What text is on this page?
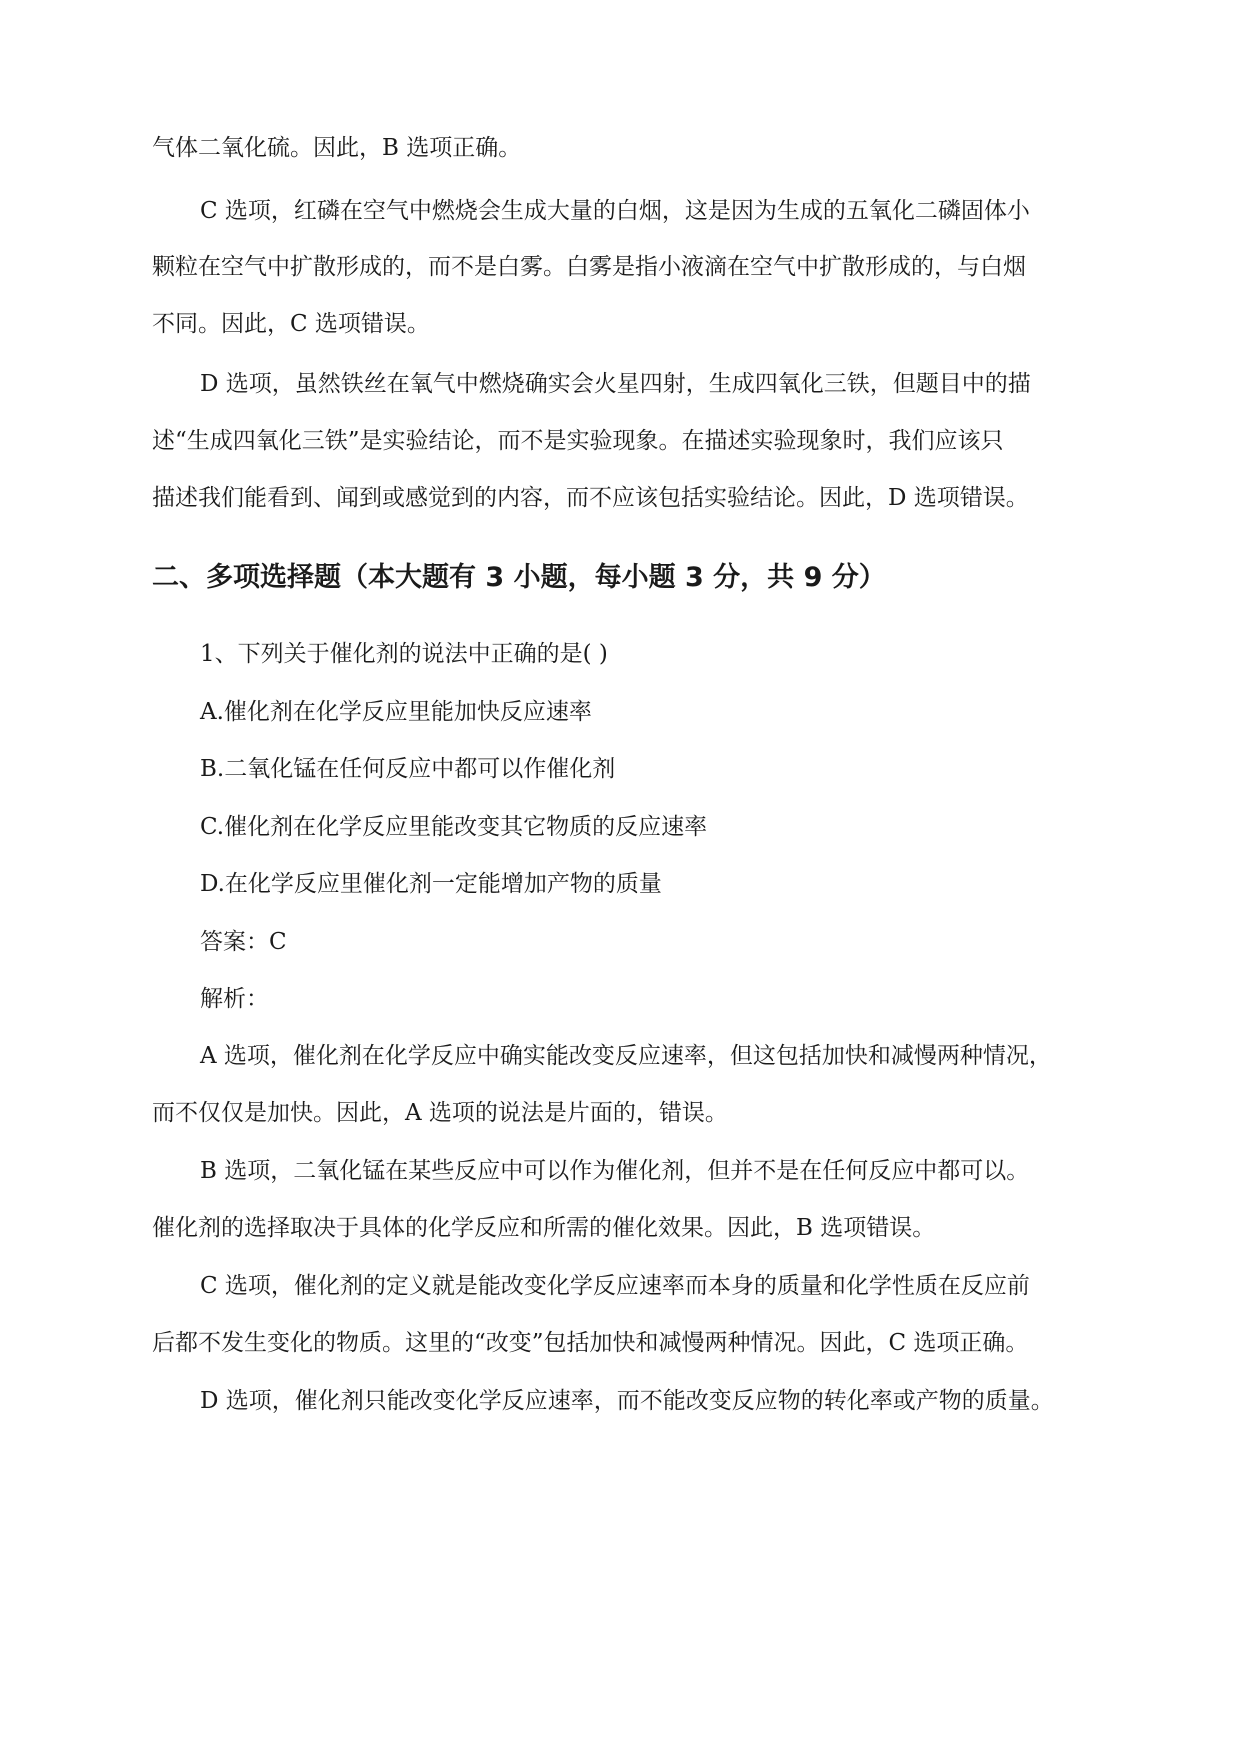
气体二氧化硫。因此，B 选项正确。
C 选项，红磷在空气中燃烧会生成大量的白烟，这是因为生成的五氧化二磷固体小
颗粒在空气中扩散形成的，而不是白雾。白雾是指小液滴在空气中扩散形成的，与白烟
不同。因此，C 选项错误。
D 选项，虽然铁丝在氧气中燃烧确实会火星四射，生成四氧化三铁，但题目中的描
述“生成四氧化三铁”是实验结论，而不是实验现象。在描述实验现象时，我们应该只
描述我们能看到、闻到或感觉到的内容，而不应该包括实验结论。因此，D 选项错误。
二、多项选择题（本大题有 3 小题，每小题 3 分，共 9 分）
1、下列关于催化剂的说法中正确的是( )
A.催化剂在化学反应里能加快反应速率
B.二氧化锰在任何反应中都可以作催化剂
C.催化剂在化学反应里能改变其它物质的反应速率
D.在化学反应里催化剂一定能增加产物的质量
答案：C
解析：
A 选项，催化剂在化学反应中确实能改变反应速率，但这包括加快和减慢两种情况，
而不仅仅是加快。因此，A 选项的说法是片面的，错误。
B 选项，二氧化锰在某些反应中可以作为催化剂，但并不是在任何反应中都可以。
催化剂的选择取决于具体的化学反应和所需的催化效果。因此，B 选项错误。
C 选项，催化剂的定义就是能改变化学反应速率而本身的质量和化学性质在反应前
后都不发生变化的物质。这里的“改变”包括加快和减慢两种情况。因此，C 选项正确。
D 选项，催化剂只能改变化学反应速率，而不能改变反应物的转化率或产物的质量。
